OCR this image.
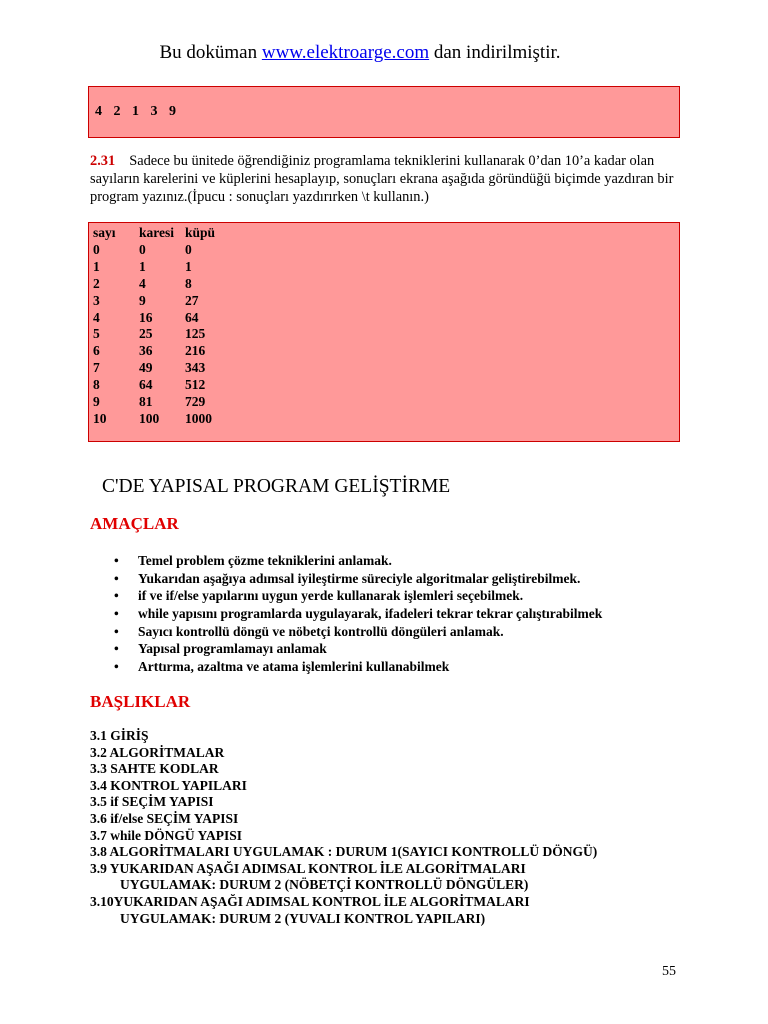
Bu doküman www.elektroarge.com dan indirilmiştir.
4 2 1 3 9
2.31 Sadece bu ünitede öğrendiğiniz programlama tekniklerini kullanarak 0’dan 10’a kadar olan sayıların karelerini ve küplerini hesaplayıp, sonuçları ekrana aşağıda göründüğü biçimde yazdıran bir program yazınız.(İpucu : sonuçları yazdırırken \t kullanın.)
sayı	karesi	küpü
0	0	0
1	1	1
2	4	8
3	9	27
4	16	64
5	25	125
6	36	216
7	49	343
8	64	512
9	81	729
10	100	1000
C'DE YAPISAL PROGRAM GELİŞTİRME
AMAÇLAR
• Temel problem çözme tekniklerini anlamak.
• Yukarıdan aşağıya adımsal iyileştirme süreciyle algoritmalar geliştirebilmek.
• if ve if/else yapılarını uygun yerde kullanarak işlemleri seçebilmek.
• while yapısını programlarda uygulayarak, ifadeleri tekrar tekrar çalıştırabilmek
• Sayıcı kontrollü döngü ve nöbetçi kontrollü döngüleri anlamak.
• Yapısal programlamayı anlamak
• Arttırma, azaltma ve atama işlemlerini kullanabilmek
BAŞLIKLAR
3.1 GİRİŞ
3.2 ALGORİTMALAR
3.3 SAHTE KODLAR
3.4 KONTROL YAPILARI
3.5 if SEÇİM YAPISI
3.6 if/else SEÇİM YAPISI
3.7 while DÖNGÜ YAPISI
3.8 ALGORİTMALARI UYGULAMAK : DURUM 1(SAYICI KONTROLLÜ DÖNGÜ)
3.9 YUKARIDAN AŞAĞI ADIMSAL KONTROL İLE ALGORİTMALARI
UYGULAMAK: DURUM 2 (NÖBETÇİ KONTROLLÜ DÖNGÜLER)
3.10YUKARIDAN AŞAĞI ADIMSAL KONTROL İLE ALGORİTMALARI
UYGULAMAK: DURUM 2 (YUVALI KONTROL YAPILARI)
55
